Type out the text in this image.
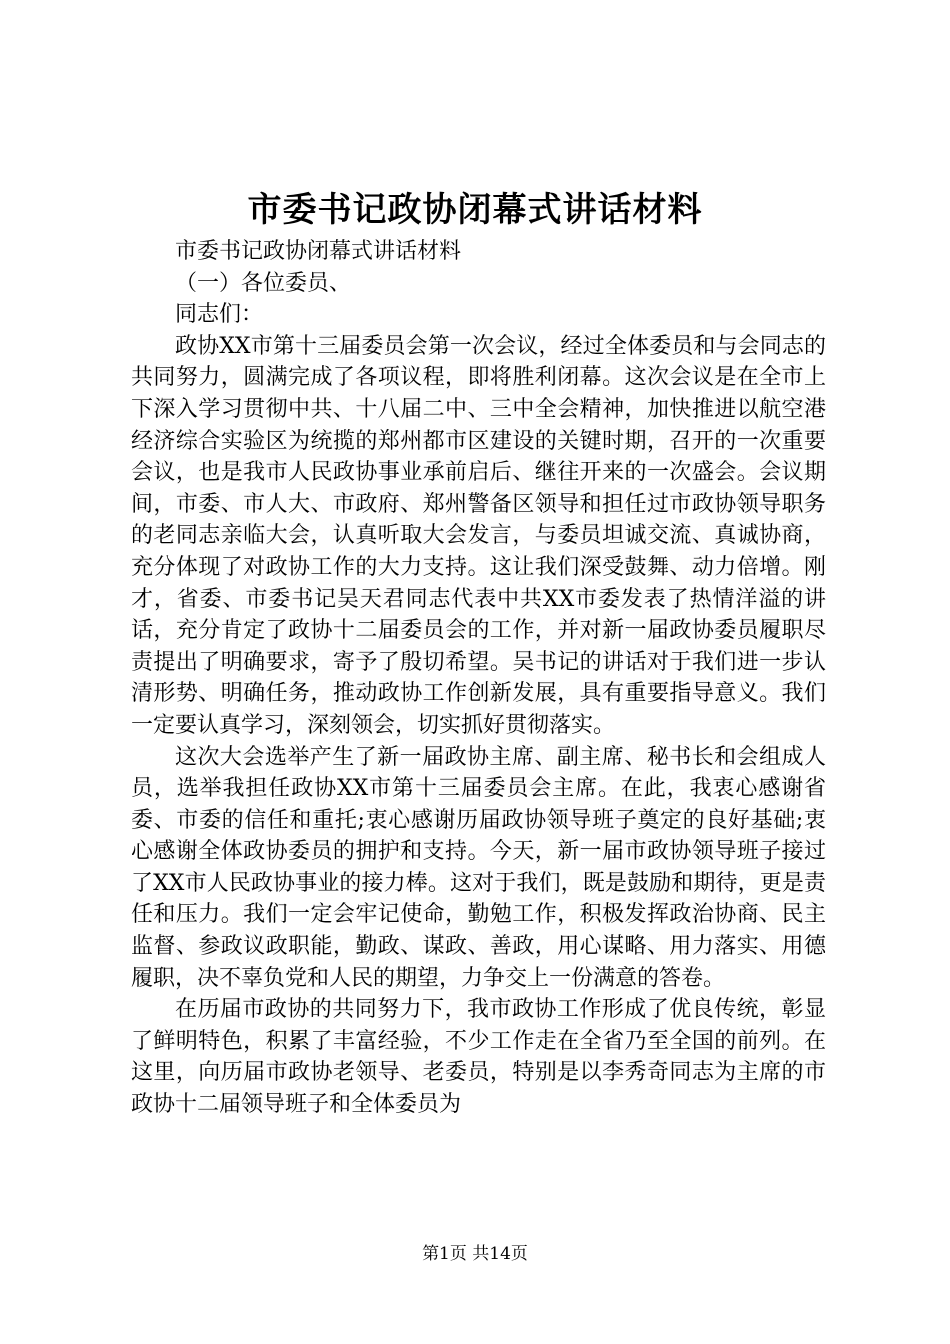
市委书记政协闭幕式讲话材料

市委书记政协闭幕式讲话材料

（一）各位委员、

同志们：

政协XX市第十三届委员会第一次会议，经过全体委员和与会同志的共同努力，圆满完成了各项议程，即将胜利闭幕。这次会议是在全市上下深入学习贯彻中共、十八届二中、三中全会精神，加快推进以航空港经济综合实验区为统揽的郑州都市区建设的关键时期，召开的一次重要会议，也是我市人民政协事业承前启后、继往开来的一次盛会。会议期间，市委、市人大、市政府、郑州警备区领导和担任过市政协领导职务的老同志亲临大会，认真听取大会发言，与委员坦诚交流、真诚协商，充分体现了对政协工作的大力支持。这让我们深受鼓舞、动力倍增。刚才，省委、市委书记吴天君同志代表中共XX市委发表了热情洋溢的讲话，充分肯定了政协十二届委员会的工作，并对新一届政协委员履职尽责提出了明确要求，寄予了殷切希望。吴书记的讲话对于我们进一步认清形势、明确任务，推动政协工作创新发展，具有重要指导意义。我们一定要认真学习，深刻领会，切实抓好贯彻落实。

这次大会选举产生了新一届政协主席、副主席、秘书长和会组成人员，选举我担任政协XX市第十三届委员会主席。在此，我衷心感谢省委、市委的信任和重托;衷心感谢历届政协领导班子奠定的良好基础;衷心感谢全体政协委员的拥护和支持。今天，新一届市政协领导班子接过了XX市人民政协事业的接力棒。这对于我们，既是鼓励和期待，更是责任和压力。我们一定会牢记使命，勤勉工作，积极发挥政治协商、民主监督、参政议政职能，勤政、谋政、善政，用心谋略、用力落实、用德履职，决不辜负党和人民的期望，力争交上一份满意的答卷。

在历届市政协的共同努力下，我市政协工作形成了优良传统，彰显了鲜明特色，积累了丰富经验，不少工作走在全省乃至全国的前列。在这里，向历届市政协老领导、老委员，特别是以李秀奇同志为主席的市政协十二届领导班子和全体委员为

第1页 共14页
